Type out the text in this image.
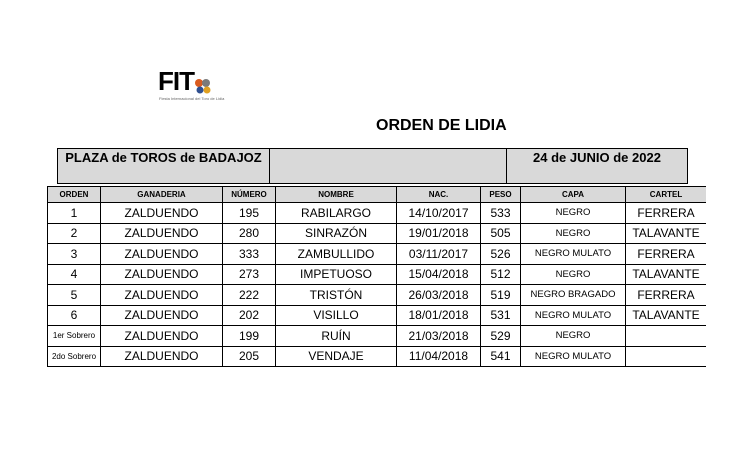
FIT
Fiesta Internacional del Toro de Lidia
ORDEN DE LIDIA
PLAZA de TOROS de BADAJOZ		24 de JUNIO de 2022
ORDEN	GANADERIA	NÚMERO	NOMBRE	NAC.	PESO	CAPA	CARTEL
1	ZALDUENDO	195	RABILARGO	14/10/2017	533	NEGRO	FERRERA
2	ZALDUENDO	280	SINRAZÓN	19/01/2018	505	NEGRO	TALAVANTE
3	ZALDUENDO	333	ZAMBULLIDO	03/11/2017	526	NEGRO MULATO	FERRERA
4	ZALDUENDO	273	IMPETUOSO	15/04/2018	512	NEGRO	TALAVANTE
5	ZALDUENDO	222	TRISTÓN	26/03/2018	519	NEGRO BRAGADO	FERRERA
6	ZALDUENDO	202	VISILLO	18/01/2018	531	NEGRO MULATO	TALAVANTE
1er Sobrero	ZALDUENDO	199	RUÍN	21/03/2018	529	NEGRO	
2do Sobrero	ZALDUENDO	205	VENDAJE	11/04/2018	541	NEGRO MULATO	
